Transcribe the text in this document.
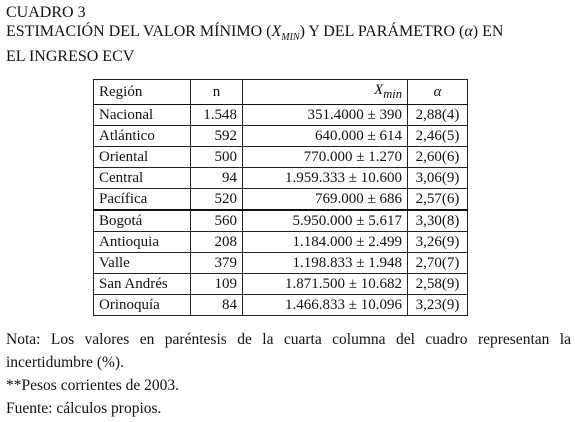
CUADRO 3
ESTIMACIÓN DEL VALOR MÍNIMO $(X_{MIN})$ Y DEL PARÁMETRO (α) EN
EL INGRESO ECV
Región	n	$X_{min}$	α
Nacional	1.548	351.4000 ± 390	2,88(4)
Atlántico	592	640.000 ± 614	2,46(5)
Oriental	500	770.000 ± 1.270	2,60(6)
Central	94	1.959.333 ± 10.600	3,06(9)
Pacífica	520	769.000 ± 686	2,57(6)
Bogotá	560	5.950.000 ± 5.617	3,30(8)
Antioquia	208	1.184.000 ± 2.499	3,26(9)
Valle	379	1.198.833 ± 1.948	2,70(7)
San Andrés	109	1.871.500 ± 10.682	2,58(9)
Orinoquía	84	1.466.833 ± 10.096	3,23(9)
Nota: Los valores en paréntesis de la cuarta columna del cuadro representan la
incertidumbre (%).
**Pesos corrientes de 2003.
Fuente: cálculos propios.
